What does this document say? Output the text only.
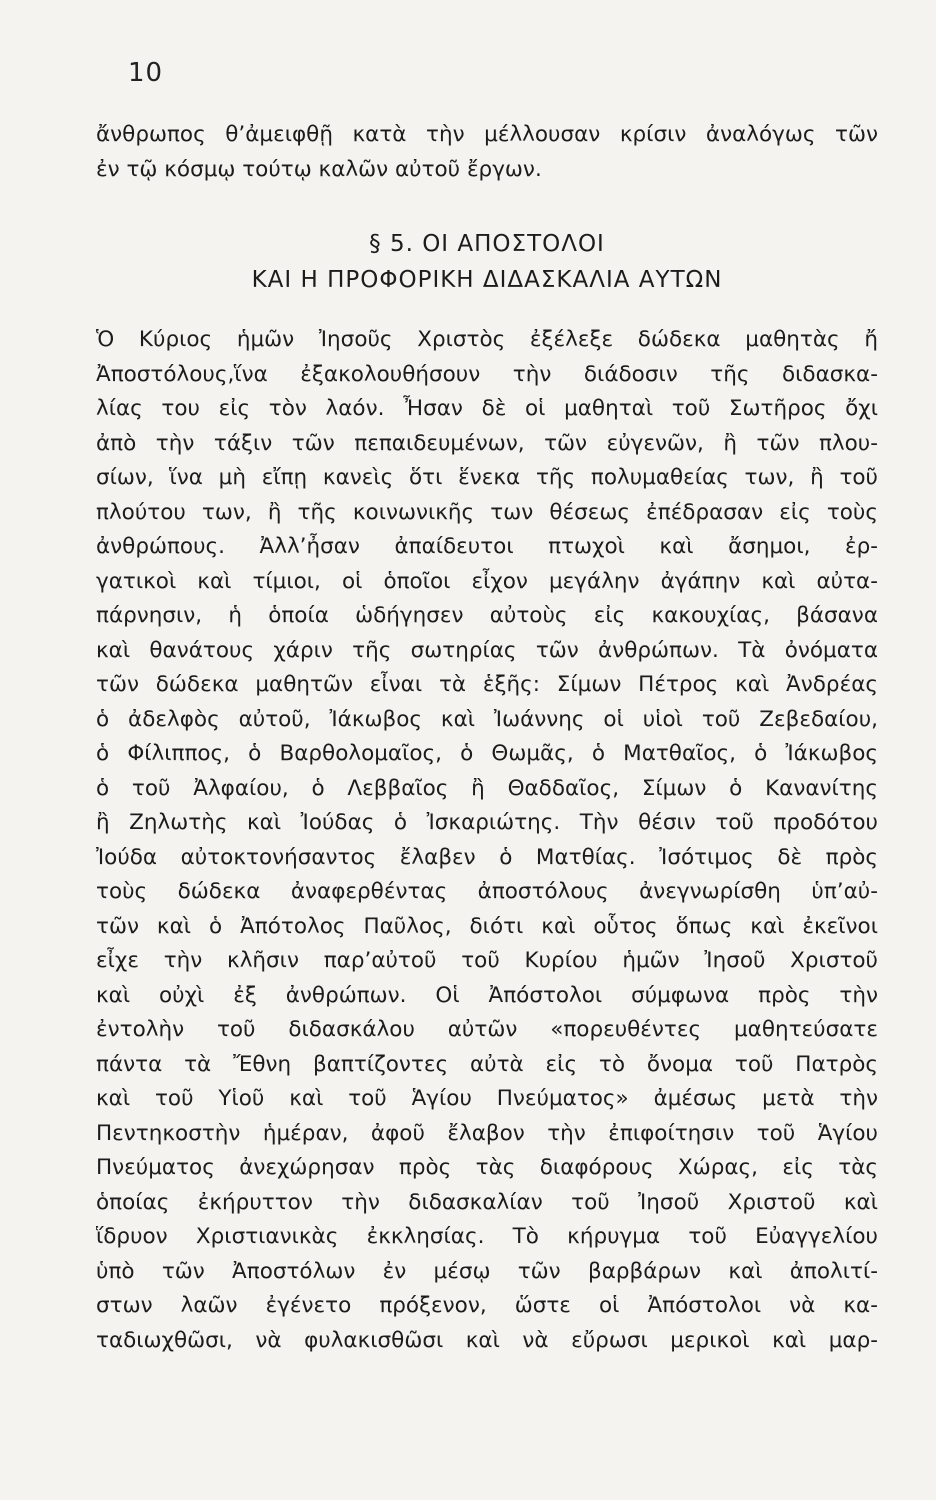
10
ἄνθρωπος θ’ἀμειφθῇ κατὰ τὴν μέλλουσαν κρίσιν ἀναλόγως τῶν
ἐν τῷ κόσμῳ τούτῳ καλῶν αὐτοῦ ἔργων.
§ 5. ΟΙ ΑΠΟΣΤΟΛΟΙ
ΚΑΙ Η ΠΡΟΦΟΡΙΚΗ ΔΙΔΑΣΚΑΛΙΑ ΑΥΤΩΝ
Ὁ Κύριος ἡμῶν Ἰησοῦς Χριστὸς ἐξέλεξε δώδεκα μαθητὰς ἤ
Ἀποστόλους,ἵνα ἐξακολουθήσουν τὴν διάδοσιν τῆς διδασκα-
λίας του εἰς τὸν λαόν. Ἦσαν δὲ οἱ μαθηταὶ τοῦ Σωτῆρος ὄχι
ἀπὸ τὴν τάξιν τῶν πεπαιδευμένων, τῶν εὐγενῶν, ἢ τῶν πλου-
σίων, ἵνα μὴ εἴπῃ κανεὶς ὅτι ἕνεκα τῆς πολυμαθείας των, ἢ τοῦ
πλούτου των, ἢ τῆς κοινωνικῆς των θέσεως ἐπέδρασαν εἰς τοὺς
ἀνθρώπους. Ἀλλ’ἦσαν ἀπαίδευτοι πτωχοὶ καὶ ἄσημοι, ἐρ-
γατικοὶ καὶ τίμιοι, οἱ ὁποῖοι εἶχον μεγάλην ἀγάπην καὶ αὐτα-
πάρνησιν, ἡ ὁποία ὡδήγησεν αὐτοὺς εἰς κακουχίας, βάσανα
καὶ θανάτους χάριν τῆς σωτηρίας τῶν ἀνθρώπων. Τὰ ὀνόματα
τῶν δώδεκα μαθητῶν εἶναι τὰ ἑξῆς: Σίμων Πέτρος καὶ Ἀνδρέας
ὁ ἀδελφὸς αὐτοῦ, Ἰάκωβος καὶ Ἰωάννης οἱ υἱοὶ τοῦ Ζεβεδαίου,
ὁ Φίλιππος, ὁ Βαρθολομαῖος, ὁ Θωμᾶς, ὁ Ματθαῖος, ὁ Ἰάκωβος
ὁ τοῦ Ἀλφαίου, ὁ Λεββαῖος ἢ Θαδδαῖος, Σίμων ὁ Κανανίτης
ἢ Ζηλωτὴς καὶ Ἰούδας ὁ Ἰσκαριώτης. Τὴν θέσιν τοῦ προδότου
Ἰούδα αὐτοκτονήσαντος ἔλαβεν ὁ Ματθίας. Ἰσότιμος δὲ πρὸς
τοὺς δώδεκα ἀναφερθέντας ἀποστόλους ἀνεγνωρίσθη ὑπ’αὐ-
τῶν καὶ ὁ Ἀπότολος Παῦλος, διότι καὶ οὗτος ὅπως καὶ ἐκεῖνοι
εἶχε τὴν κλῆσιν παρ’αὐτοῦ τοῦ Κυρίου ἡμῶν Ἰησοῦ Χριστοῦ
καὶ οὐχὶ ἐξ ἀνθρώπων. Οἱ Ἀπόστολοι σύμφωνα πρὸς τὴν
ἐντολὴν τοῦ διδασκάλου αὐτῶν «πορευθέντες μαθητεύσατε
πάντα τὰ Ἔθνη βαπτίζοντες αὐτὰ εἰς τὸ ὄνομα τοῦ Πατρὸς
καὶ τοῦ Υἱοῦ καὶ τοῦ Ἁγίου Πνεύματος» ἀμέσως μετὰ τὴν
Πεντηκοστὴν ἡμέραν, ἀφοῦ ἔλαβον τὴν ἐπιφοίτησιν τοῦ Ἁγίου
Πνεύματος ἀνεχώρησαν πρὸς τὰς διαφόρους Χώρας, εἰς τὰς
ὁποίας ἐκήρυττον τὴν διδασκαλίαν τοῦ Ἰησοῦ Χριστοῦ καὶ
ἵδρυον Χριστιανικὰς ἐκκλησίας. Τὸ κήρυγμα τοῦ Εὐαγγελίου
ὑπὸ τῶν Ἀποστόλων ἐν μέσῳ τῶν βαρβάρων καὶ ἀπολιτί-
στων λαῶν ἐγένετο πρόξενον, ὥστε οἱ Ἀπόστολοι νὰ κα-
ταδιωχθῶσι, νὰ φυλακισθῶσι καὶ νὰ εὔρωσι μερικοὶ καὶ μαρ-
